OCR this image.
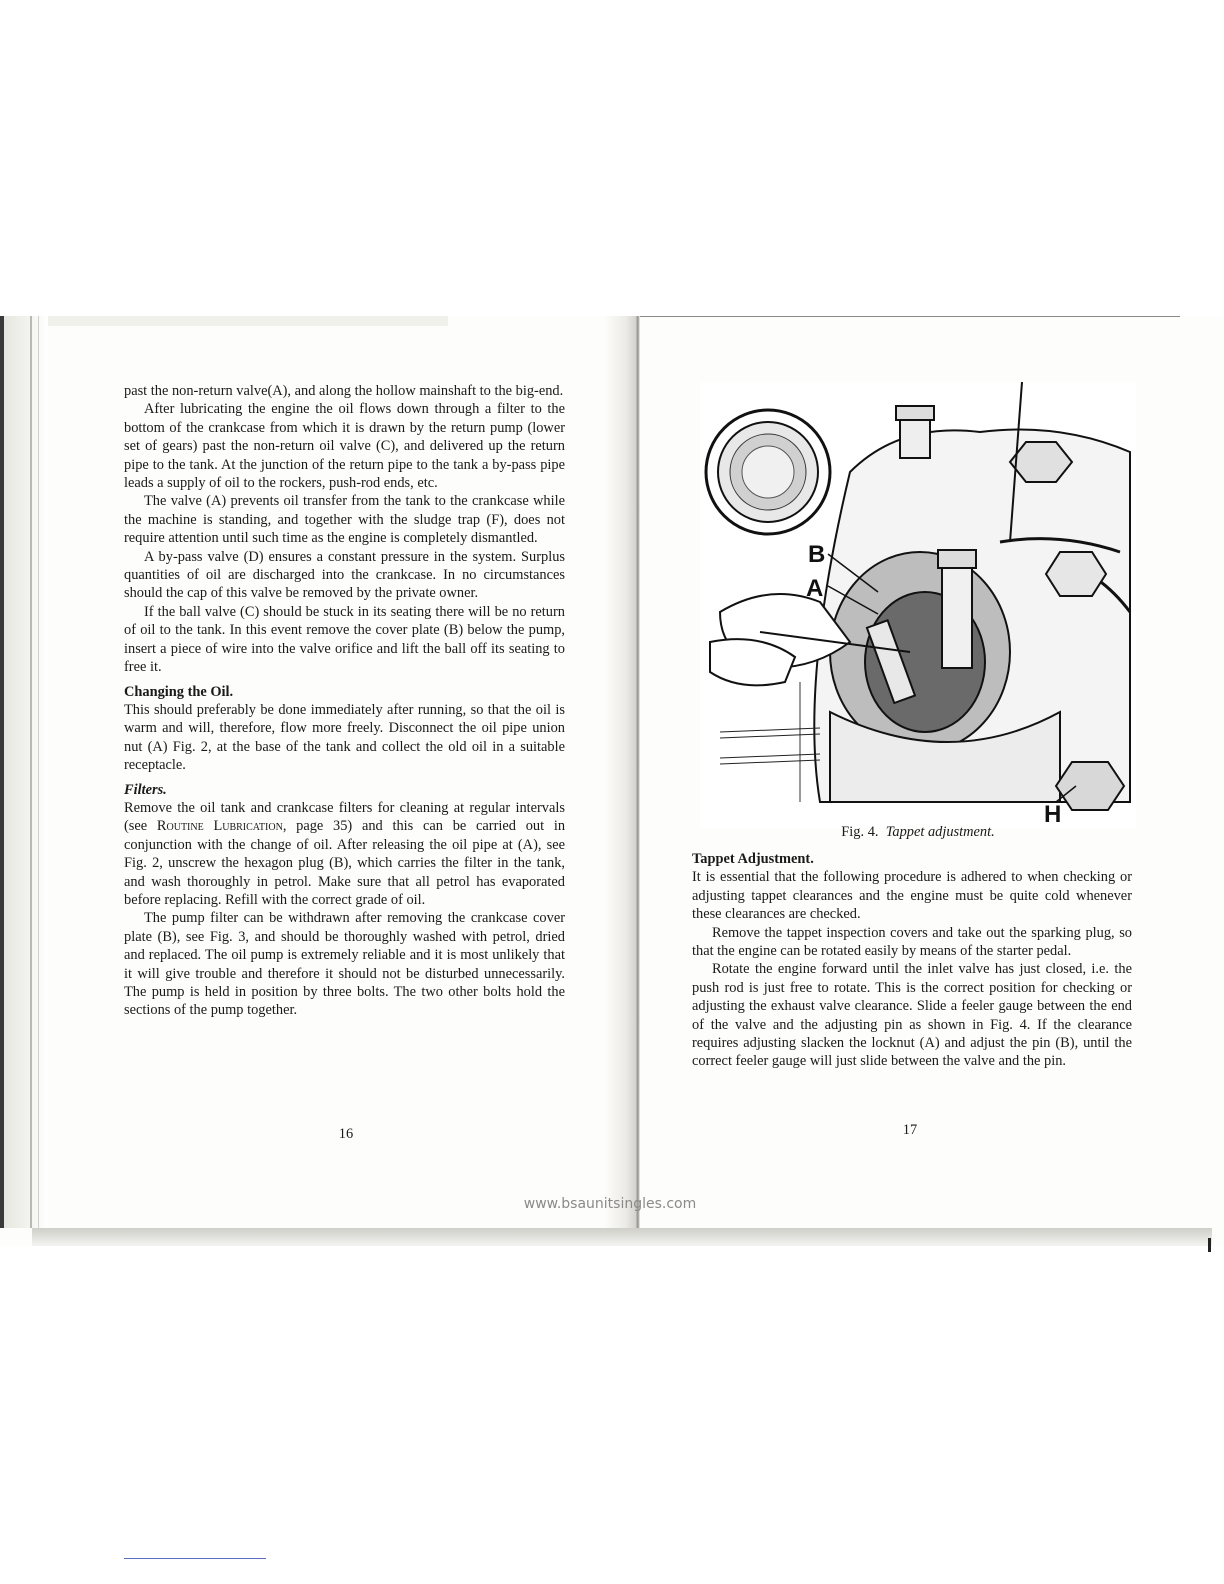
past the non-return valve(A), and along the hollow mainshaft to the big-end.

After lubricating the engine the oil flows down through a filter to the bottom of the crankcase from which it is drawn by the return pump (lower set of gears) past the non-return oil valve (C), and delivered up the return pipe to the tank. At the junction of the return pipe to the tank a by-pass pipe leads a supply of oil to the rockers, push-rod ends, etc.

The valve (A) prevents oil transfer from the tank to the crankcase while the machine is standing, and together with the sludge trap (F), does not require attention until such time as the engine is completely dismantled.

A by-pass valve (D) ensures a constant pressure in the system. Surplus quantities of oil are discharged into the crankcase. In no circumstances should the cap of this valve be removed by the private owner.

If the ball valve (C) should be stuck in its seating there will be no return of oil to the tank. In this event remove the cover plate (B) below the pump, insert a piece of wire into the valve orifice and lift the ball off its seating to free it.

Changing the Oil.

This should preferably be done immediately after running, so that the oil is warm and will, therefore, flow more freely. Disconnect the oil pipe union nut (A) Fig. 2, at the base of the tank and collect the old oil in a suitable receptacle.

Filters.

Remove the oil tank and crankcase filters for cleaning at regular intervals (see Routine Lubrication, page 35) and this can be carried out in conjunction with the change of oil. After releasing the oil pipe at (A), see Fig. 2, unscrew the hexagon plug (B), which carries the filter in the tank, and wash thoroughly in petrol. Make sure that all petrol has evaporated before replacing. Refill with the correct grade of oil.

The pump filter can be withdrawn after removing the crankcase cover plate (B), see Fig. 3, and should be thoroughly washed with petrol, dried and replaced. The oil pump is extremely reliable and it is most unlikely that it will give trouble and therefore it should not be disturbed unnecessarily. The pump is held in position by three bolts. The two other bolts hold the sections of the pump together.

16
B
A
H
Fig. 4. Tappet adjustment.
Tappet Adjustment.

It is essential that the following procedure is adhered to when checking or adjusting tappet clearances and the engine must be quite cold whenever these clearances are checked.

Remove the tappet inspection covers and take out the sparking plug, so that the engine can be rotated easily by means of the starter pedal.

Rotate the engine forward until the inlet valve has just closed, i.e. the push rod is just free to rotate. This is the correct position for checking or adjusting the exhaust valve clearance. Slide a feeler gauge between the end of the valve and the adjusting pin as shown in Fig. 4. If the clearance requires adjusting slacken the locknut (A) and adjust the pin (B), until the correct feeler gauge will just slide between the valve and the pin.

17
www.bsaunitsingles.com
